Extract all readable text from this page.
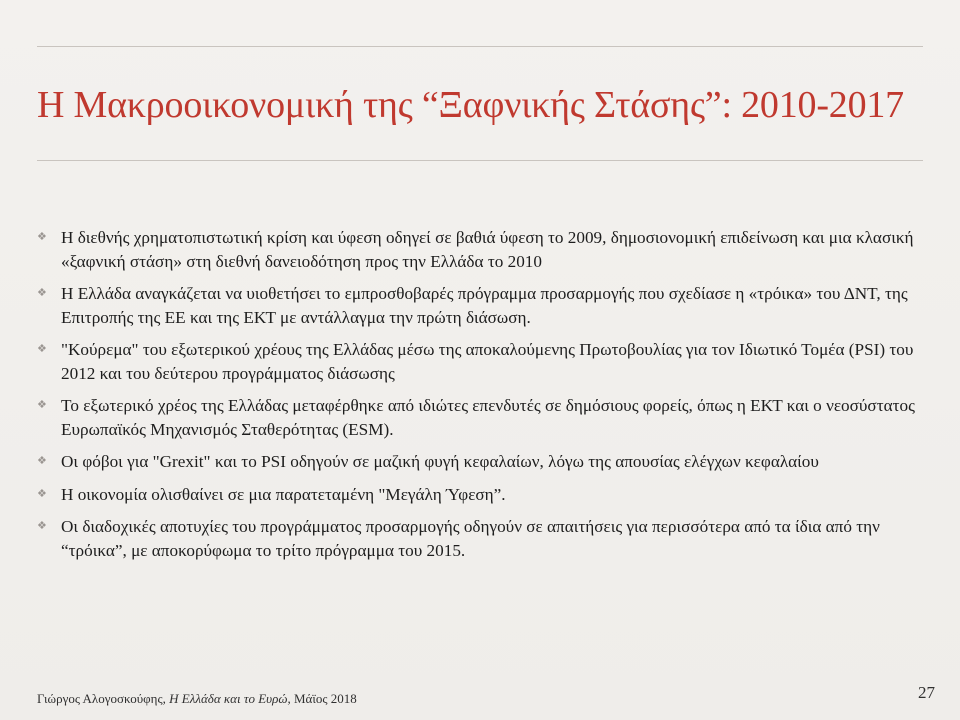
Η Μακροοικονομική της “Ξαφνικής Στάσης”: 2010-2017
❖ Η διεθνής χρηματοπιστωτική κρίση και ύφεση οδηγεί σε βαθιά ύφεση το 2009, δημοσιονομική επιδείνωση και μια κλασική «ξαφνική στάση» στη διεθνή δανειοδότηση προς την Ελλάδα το 2010
❖ Η Ελλάδα αναγκάζεται να υιοθετήσει το εμπροσθοβαρές πρόγραμμα προσαρμογής που σχεδίασε η «τρόικα» του ΔΝΤ, της Επιτροπής της ΕΕ και της ΕΚΤ με αντάλλαγμα την πρώτη διάσωση.
❖ "Κούρεμα" του εξωτερικού χρέους της Ελλάδας μέσω της αποκαλούμενης Πρωτοβουλίας για τον Ιδιωτικό Τομέα (PSI) του 2012 και του δεύτερου προγράμματος διάσωσης
❖ Το εξωτερικό χρέος της Ελλάδας μεταφέρθηκε από ιδιώτες επενδυτές σε δημόσιους φορείς, όπως η ΕΚΤ και ο νεοσύστατος Ευρωπαϊκός Μηχανισμός Σταθερότητας (ESM).
❖ Οι φόβοι για "Grexit" και το PSI οδηγούν σε μαζική φυγή κεφαλαίων, λόγω της απουσίας ελέγχων κεφαλαίου
❖ Η οικονομία ολισθαίνει σε μια παρατεταμένη "Μεγάλη Ύφεση”.
❖ Οι διαδοχικές αποτυχίες του προγράμματος προσαρμογής οδηγούν σε απαιτήσεις για περισσότερα από τα ίδια από την “τρόικα”, με αποκορύφωμα το τρίτο πρόγραμμα του 2015.

Γιώργος Αλογοσκούφης, Η Ελλάδα και το Ευρώ, Μάϊος 2018	27
